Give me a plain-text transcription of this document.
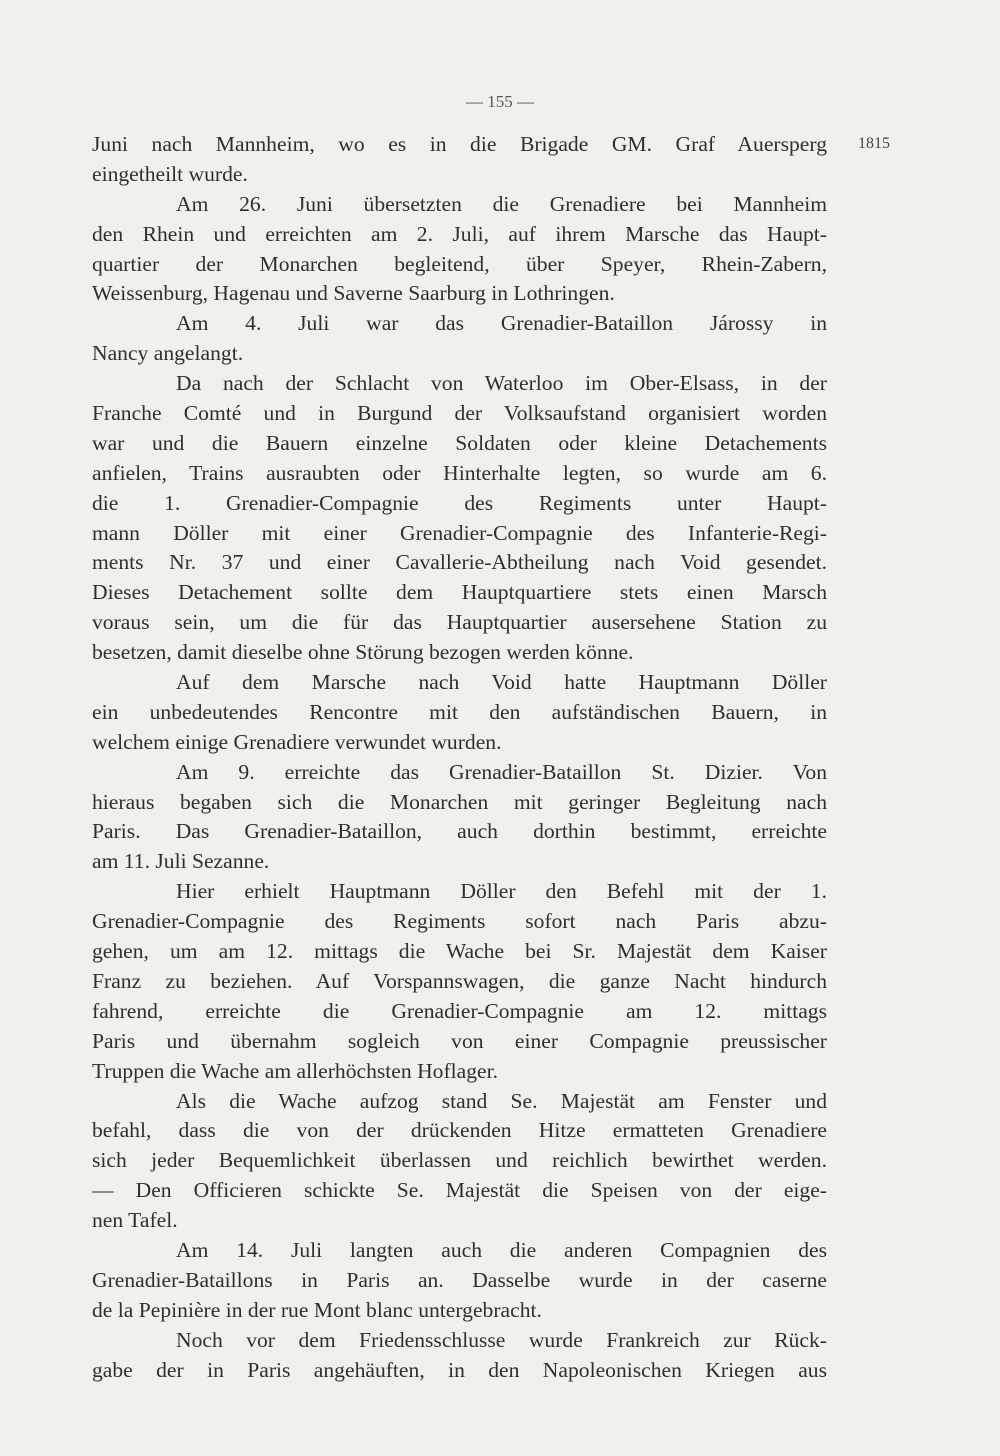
— 155 —
1815
Juni nach Mannheim, wo es in die Brigade GM. Graf Auersperg
eingetheilt wurde.
Am 26. Juni übersetzten die Grenadiere bei Mannheim
den Rhein und erreichten am 2. Juli, auf ihrem Marsche das Haupt-
quartier der Monarchen begleitend, über Speyer, Rhein-Zabern,
Weissenburg, Hagenau und Saverne Saarburg in Lothringen.
Am 4. Juli war das Grenadier-Bataillon Járossy in
Nancy angelangt.
Da nach der Schlacht von Waterloo im Ober-Elsass, in der
Franche Comté und in Burgund der Volksaufstand organisiert worden
war und die Bauern einzelne Soldaten oder kleine Detachements
anfielen, Trains ausraubten oder Hinterhalte legten, so wurde am 6.
die 1. Grenadier-Compagnie des Regiments unter Haupt-
mann Döller mit einer Grenadier-Compagnie des Infanterie-Regi-
ments Nr. 37 und einer Cavallerie-Abtheilung nach Void gesendet.
Dieses Detachement sollte dem Hauptquartiere stets einen Marsch
voraus sein, um die für das Hauptquartier ausersehene Station zu
besetzen, damit dieselbe ohne Störung bezogen werden könne.
Auf dem Marsche nach Void hatte Hauptmann Döller
ein unbedeutendes Rencontre mit den aufständischen Bauern, in
welchem einige Grenadiere verwundet wurden.
Am 9. erreichte das Grenadier-Bataillon St. Dizier. Von
hieraus begaben sich die Monarchen mit geringer Begleitung nach
Paris. Das Grenadier-Bataillon, auch dorthin bestimmt, erreichte
am 11. Juli Sezanne.
Hier erhielt Hauptmann Döller den Befehl mit der 1.
Grenadier-Compagnie des Regiments sofort nach Paris abzu-
gehen, um am 12. mittags die Wache bei Sr. Majestät dem Kaiser
Franz zu beziehen. Auf Vorspannswagen, die ganze Nacht hindurch
fahrend, erreichte die Grenadier-Compagnie am 12. mittags
Paris und übernahm sogleich von einer Compagnie preussischer
Truppen die Wache am allerhöchsten Hoflager.
Als die Wache aufzog stand Se. Majestät am Fenster und
befahl, dass die von der drückenden Hitze ermatteten Grenadiere
sich jeder Bequemlichkeit überlassen und reichlich bewirthet werden.
— Den Officieren schickte Se. Majestät die Speisen von der eige-
nen Tafel.
Am 14. Juli langten auch die anderen Compagnien des
Grenadier-Bataillons in Paris an. Dasselbe wurde in der caserne
de la Pepinière in der rue Mont blanc untergebracht.
Noch vor dem Friedensschlusse wurde Frankreich zur Rück-
gabe der in Paris angehäuften, in den Napoleonischen Kriegen aus
